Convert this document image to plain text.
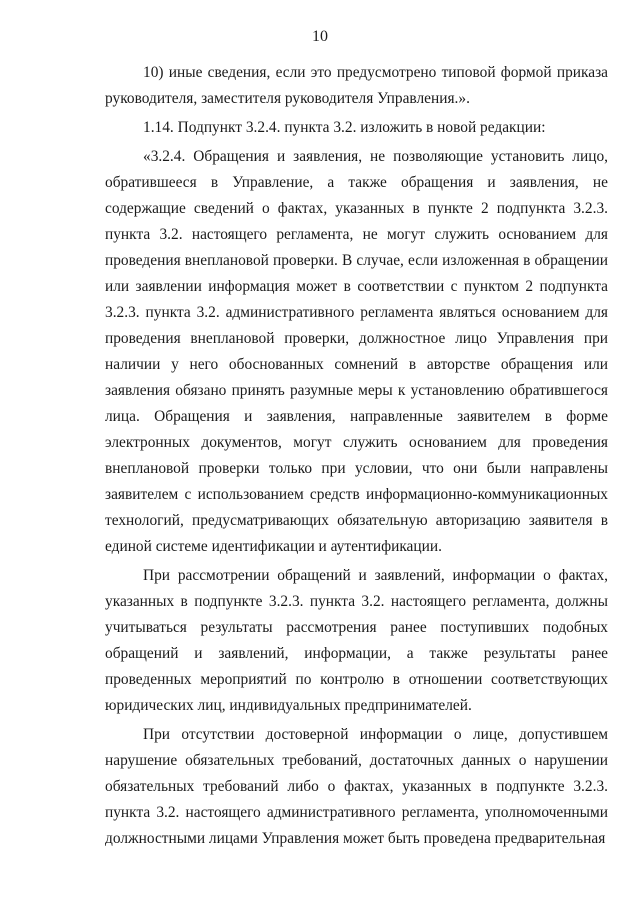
10

10) иные сведения, если это предусмотрено типовой формой приказа руководителя, заместителя руководителя Управления.».

1.14. Подпункт 3.2.4. пункта 3.2. изложить в новой редакции:

«3.2.4. Обращения и заявления, не позволяющие установить лицо, обратившееся в Управление, а также обращения и заявления, не содержащие сведений о фактах, указанных в пункте 2 подпункта 3.2.3. пункта 3.2. настоящего регламента, не могут служить основанием для проведения внеплановой проверки. В случае, если изложенная в обращении или заявлении информация может в соответствии с пунктом 2 подпункта 3.2.3. пункта 3.2. административного регламента являться основанием для проведения внеплановой проверки, должностное лицо Управления при наличии у него обоснованных сомнений в авторстве обращения или заявления обязано принять разумные меры к установлению обратившегося лица. Обращения и заявления, направленные заявителем в форме электронных документов, могут служить основанием для проведения внеплановой проверки только при условии, что они были направлены заявителем с использованием средств информационно-коммуникационных технологий, предусматривающих обязательную авторизацию заявителя в единой системе идентификации и аутентификации.

При рассмотрении обращений и заявлений, информации о фактах, указанных в подпункте 3.2.3. пункта 3.2. настоящего регламента, должны учитываться результаты рассмотрения ранее поступивших подобных обращений и заявлений, информации, а также результаты ранее проведенных мероприятий по контролю в отношении соответствующих юридических лиц, индивидуальных предпринимателей.

При отсутствии достоверной информации о лице, допустившем нарушение обязательных требований, достаточных данных о нарушении обязательных требований либо о фактах, указанных в подпункте 3.2.3. пункта 3.2. настоящего административного регламента, уполномоченными должностными лицами Управления может быть проведена предварительная
